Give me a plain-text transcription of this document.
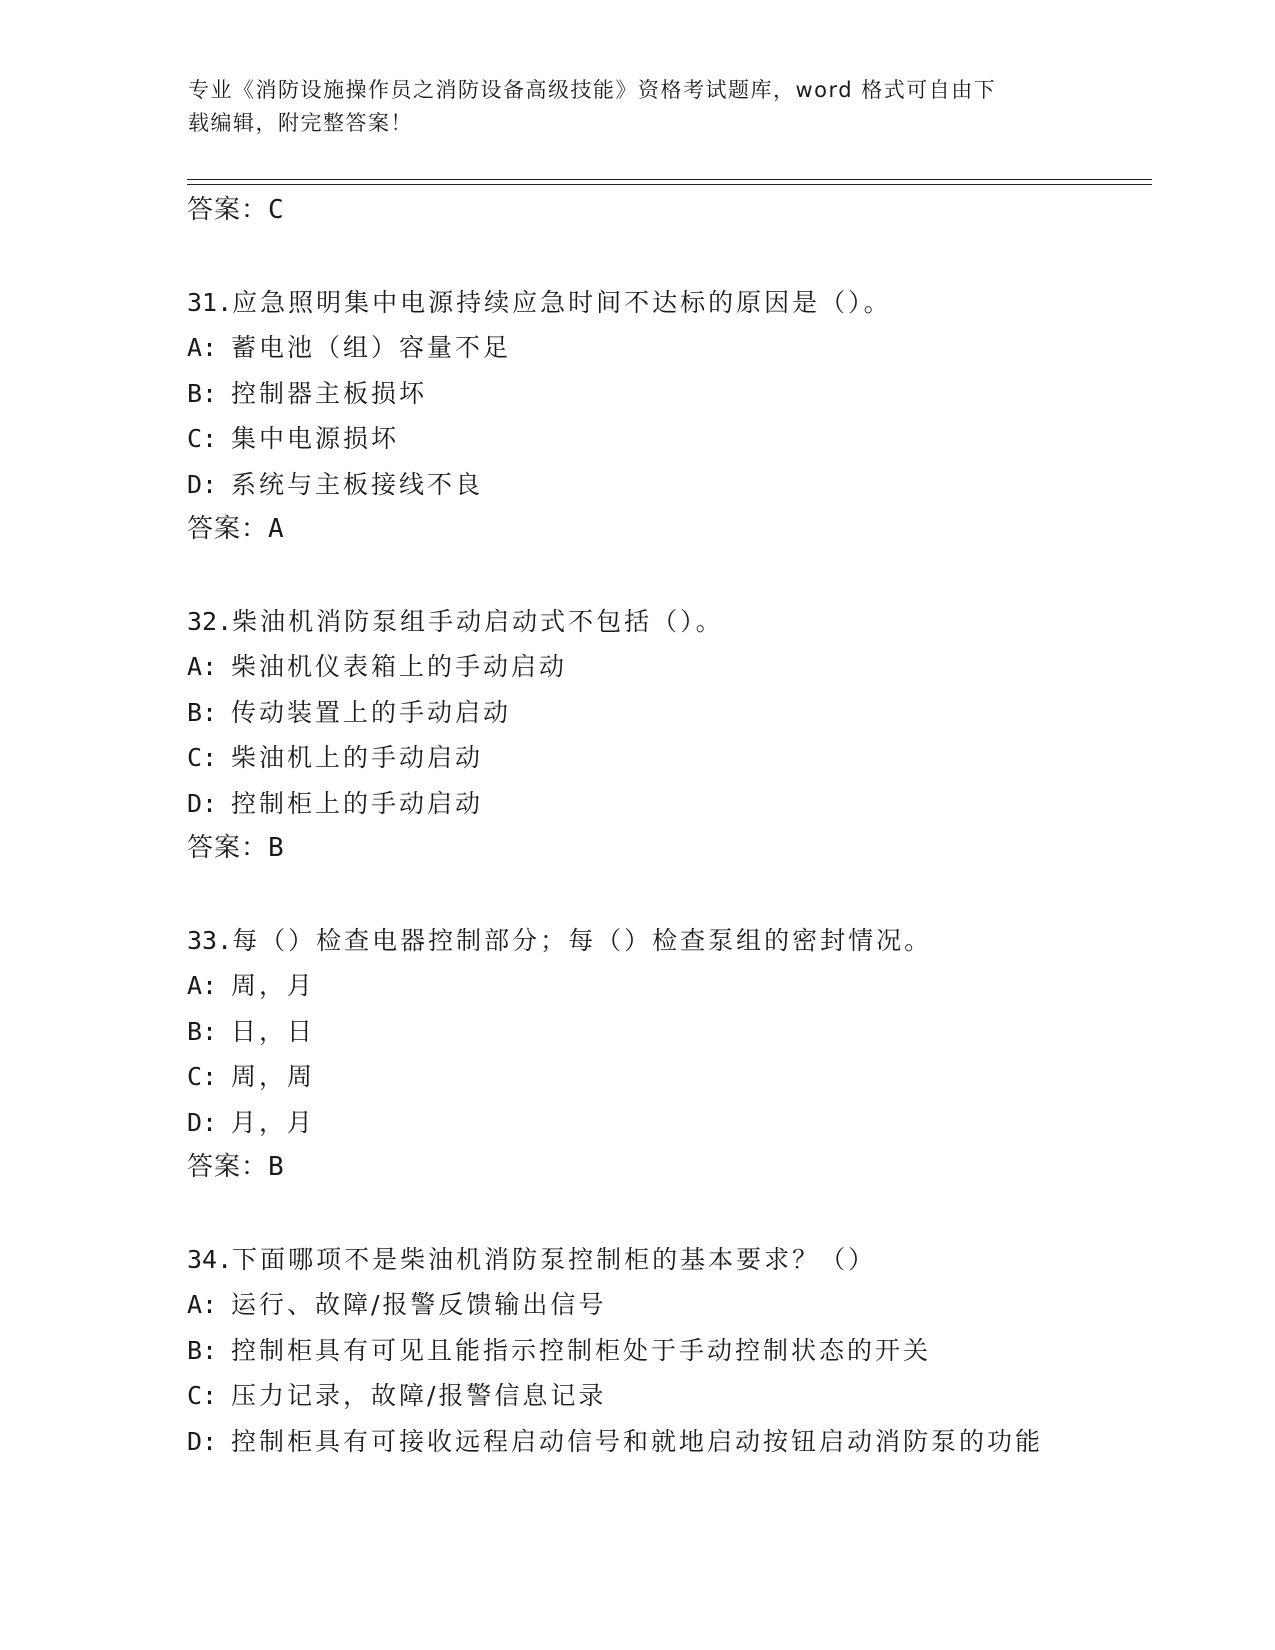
专业《消防设施操作员之消防设备高级技能》资格考试题库，word 格式可自由下
载编辑，附完整答案！
答案：C
31.应急照明集中电源持续应急时间不达标的原因是（）。
A: 蓄电池（组）容量不足
B: 控制器主板损坏
C: 集中电源损坏
D: 系统与主板接线不良
答案：A
32.柴油机消防泵组手动启动式不包括（）。
A: 柴油机仪表箱上的手动启动
B: 传动装置上的手动启动
C: 柴油机上的手动启动
D: 控制柜上的手动启动
答案：B
33.每（）检查电器控制部分；每（）检查泵组的密封情况。
A: 周，月
B: 日，日
C: 周，周
D: 月，月
答案：B
34.下面哪项不是柴油机消防泵控制柜的基本要求？（）
A: 运行、故障/报警反馈输出信号
B: 控制柜具有可见且能指示控制柜处于手动控制状态的开关
C: 压力记录，故障/报警信息记录
D: 控制柜具有可接收远程启动信号和就地启动按钮启动消防泵的功能
